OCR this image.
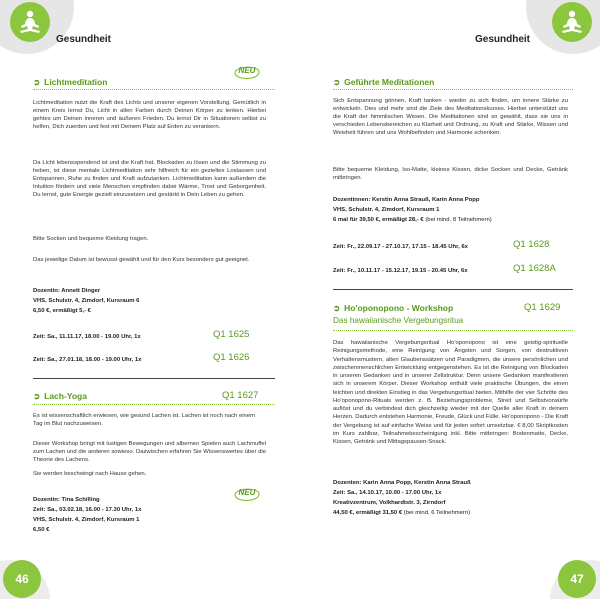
Gesundheit
➲ Lichtmeditation
NEU
Lichtmeditation nutzt die Kraft des Lichts und unserer eigenen Vorstellung. Gemütlich in einem Kreis lernst Du, Licht in allen Farben durch Deinen Körper zu lenken. Hierbei gehtes um Deinen inneren und äußeren Frieden. Du lernst Dir in Situationen selbst zu helfen, Dich zuerden und fest mit Deinem Platz auf Erden zu verankern.
Da Licht lebensspendend ist und die Kraft hat, Blockaden zu lösen und die Stimmung zu heben, ist diese mentale Lichtmeditation sehr hilfreich für ein gezieltes Loslassen und Entspannen, Ruhe zu finden und Kraft aufzutanken. Lichtmeditation kann außerdem die Intuition fördern und viele Menschen empfinden dabei Wärme, Trost und Geborgenheit. Du lernst, gute Energie gezielt einzusetzen und gestärkt in Dein Leben zu gehen.
Bitte Socken und bequeme Kleidung tragen.
Das jeweilige Datum ist bewusst gewählt und für den Kurs besonders gut geeignet.
Dozentin: Annett Dinger
VHS, Schulstr. 4, Zimdorf, Kursraum 6
6,50 €, ermäßigt 5,- €
Zeit: Sa., 11.11.17, 18.00 - 19.00 Uhr, 1x	Q1 1625
Zeit: Sa., 27.01.18, 18.00 - 19.00 Uhr, 1x	Q1 1626
➲ Lach-Yoga	Q1 1627
Es ist wissenschaftlich erwiesen, wie gesund Lachen ist. Lachen ist noch nach einem Tag im Blut nachzuweisen.
Dieser Workshop bringt mit lustigen Bewegungen und albernen Spielen auch Lachmuffel zum Lachen und die anderen sowieso. Dazwischen erfahren Sie Wissenswertes über die Theorie des Lachens.
Sie werden beschwingt nach Hause gehen.
Dozentin: Tina Schilling
Zeit: Sa., 03.02.18, 16.00 - 17.30 Uhr, 1x
VHS, Schulstr. 4, Zimdorf, Kursraum 1
6,50 €
NEU
46
Gesundheit
➲ Geführte Meditationen
Sich Entspannung gönnen, Kraft tanken - wieder zu sich finden, um innere Stärke zu entwickeln. Dies und mehr sind die Ziele des Meditationskurses. Hierbei unterstützt uns die Kraft der himmlischen Wesen. Die Meditationen sind so gewählt, dass sie uns in verschieden Lebensbereichen zu Klarheit und Ordnung, zu Kraft und Stärke, Wissen und Weisheit führen und uns Wohlbefinden und Harmonie schenken.
Bitte bequeme Kleidung, Iso-Matte, kleines Kissen, dicke Socken und Decke, Getränk mitbringen.
Dozentinnen: Kerstin Anna Strauß, Karin Anna Popp
VHS, Schulstr. 4, Zimdorf, Kursraum 1
6 mal für 39,50 €, ermäßigt 28,- € (bei mind. 8 Teilnehmern)
Zeit: Fr., 22.09.17 - 27.10.17, 17.15 - 18.45 Uhr, 6x	Q1 1628
Zeit: Fr., 10.11.17 - 15.12.17, 19.15 - 20.45 Uhr, 6x	Q1 1628A
➲ Ho'oponopono - Workshop	Q1 1629
Das hawaiianische Vergebungsritua
Das hawaiianische Vergebungsritual Ho'oponopono ist eine geistig-spirituelle Reinigungsmethode, eine Reinigung von Ängsten und Sorgen, von destruktiven Verhaltensmustern, alten Glaubenssätzen und Paradigmen, die unsere persönlichen und zwischenmenschlichen Entwicklung entgegenstehen. Es ist die Reinigung von Blockaden in unseren Gedanken und in unserer Zellstruktur. Denn unsere Gedanken manifestieren sich in unserem Körper. Dieser Workshop enthält viele praktische Übungen, die einen leichten und direkten Einstieg in das Vergebungsritual bieten. Mithilfe der vier Schritte des Ho'oponopono-Rituals werden z. B. Beziehungsprobleme, Streit und Selbstvorwürfe auflöst und du verbindest dich gleichzeitig wieder mit der Quelle aller Kraft in deinem Herzen. Dadurch entstehen Harmonie, Freude, Glück und Fülle. Ho'oponopono - Die Kraft der Vergebung ist auf einfache Weise und für jeden sofort umsetzbar. € 8,00 Skriptkosten im Kurs zahlbar, Teilnahmebescheinigung inkl. Bitte mitbringen: Bodenmatte, Decke, Kissen, Getränk und Mittagspausen-Snack.
Dozenten: Karin Anna Popp, Kerstin Anna Strauß
Zeit: Sa., 14.10.17, 10.00 - 17.00 Uhr, 1x
Kreativzentrum, Volkhardtstr. 3, Zirndorf
44,50 €, ermäßigt 31,50 € (bei mind. 6 Teilnehmern)
47
